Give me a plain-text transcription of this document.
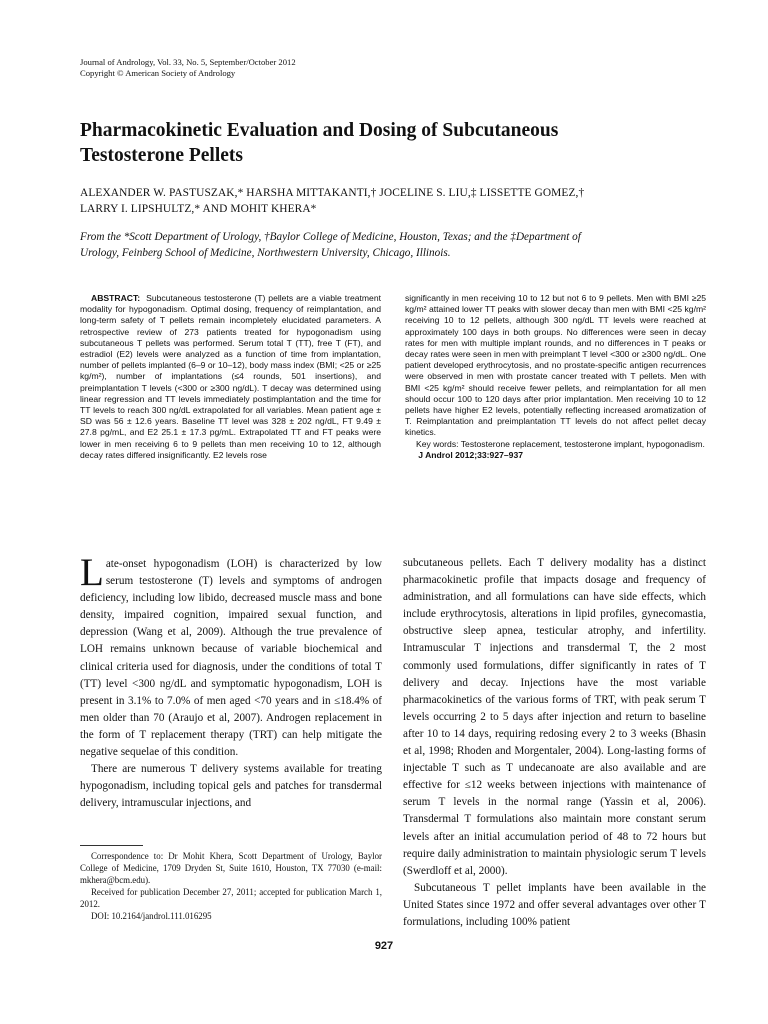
Journal of Andrology, Vol. 33, No. 5, September/October 2012
Copyright © American Society of Andrology
Pharmacokinetic Evaluation and Dosing of Subcutaneous
Testosterone Pellets
ALEXANDER W. PASTUSZAK,* HARSHA MITTAKANTI,† JOCELINE S. LIU,‡ LISSETTE GOMEZ,†
LARRY I. LIPSHULTZ,* AND MOHIT KHERA*
From the *Scott Department of Urology, †Baylor College of Medicine, Houston, Texas; and the ‡Department of
Urology, Feinberg School of Medicine, Northwestern University, Chicago, Illinois.

ABSTRACT: Subcutaneous testosterone (T) pellets are a viable treatment modality for hypogonadism. Optimal dosing, frequency of reimplantation, and long-term safety of T pellets remain incompletely elucidated parameters. A retrospective review of 273 patients treated for hypogonadism using subcutaneous T pellets was performed. Serum total T (TT), free T (FT), and estradiol (E2) levels were analyzed as a function of time from implantation, number of pellets implanted (6–9 or 10–12), body mass index (BMI; <25 or ≥25 kg/m²), number of implantations (≤4 rounds, 501 insertions), and preimplantation T levels (<300 or ≥300 ng/dL). T decay was determined using linear regression and TT levels immediately postimplantation and the time for TT levels to reach 300 ng/dL extrapolated for all variables. Mean patient age ± SD was 56 ± 12.6 years. Baseline TT level was 328 ± 202 ng/dL, FT 9.49 ± 27.8 pg/mL, and E2 25.1 ± 17.3 pg/mL. Extrapolated TT and FT peaks were lower in men receiving 6 to 9 pellets than men receiving 10 to 12, although decay rates differed insignificantly. E2 levels rose

significantly in men receiving 10 to 12 but not 6 to 9 pellets. Men with BMI ≥25 kg/m² attained lower TT peaks with slower decay than men with BMI <25 kg/m² receiving 10 to 12 pellets, although 300 ng/dL TT levels were reached at approximately 100 days in both groups. No differences were seen in decay rates for men with multiple implant rounds, and no differences in T peaks or decay rates were seen in men with preimplant T level <300 or ≥300 ng/dL. One patient developed erythrocytosis, and no prostate-specific antigen recurrences were observed in men with prostate cancer treated with T pellets. Men with BMI <25 kg/m² should receive fewer pellets, and reimplantation for all men should occur 100 to 120 days after prior implantation. Men receiving 10 to 12 pellets have higher E2 levels, potentially reflecting increased aromatization of T. Reimplantation and preimplantation TT levels do not affect pellet decay kinetics.

Key words: Testosterone replacement, testosterone implant, hypogonadism.

J Androl 2012;33:927–937

Late-onset hypogonadism (LOH) is characterized by low serum testosterone (T) levels and symptoms of androgen deficiency, including low libido, decreased muscle mass and bone density, impaired cognition, impaired sexual function, and depression (Wang et al, 2009). Although the true prevalence of LOH remains unknown because of variable biochemical and clinical criteria used for diagnosis, under the conditions of total T (TT) level <300 ng/dL and symptomatic hypogonadism, LOH is present in 3.1% to 7.0% of men aged <70 years and in ≤18.4% of men older than 70 (Araujo et al, 2007). Androgen replacement in the form of T replacement therapy (TRT) can help mitigate the negative sequelae of this condition.

There are numerous T delivery systems available for treating hypogonadism, including topical gels and patches for transdermal delivery, intramuscular injections, and

Correspondence to: Dr Mohit Khera, Scott Department of Urology, Baylor College of Medicine, 1709 Dryden St, Suite 1610, Houston, TX 77030 (e-mail: mkhera@bcm.edu).

Received for publication December 27, 2011; accepted for publication March 1, 2012.

DOI: 10.2164/jandrol.111.016295

subcutaneous pellets. Each T delivery modality has a distinct pharmacokinetic profile that impacts dosage and frequency of administration, and all formulations can have side effects, which include erythrocytosis, alterations in lipid profiles, gynecomastia, obstructive sleep apnea, testicular atrophy, and infertility. Intramuscular T injections and transdermal T, the 2 most commonly used formulations, differ significantly in rates of T delivery and decay. Injections have the most variable pharmacokinetics of the various forms of TRT, with peak serum T levels occurring 2 to 5 days after injection and return to baseline after 10 to 14 days, requiring redosing every 2 to 3 weeks (Bhasin et al, 1998; Rhoden and Morgentaler, 2004). Long-lasting forms of injectable T such as T undecanoate are also available and are effective for ≤12 weeks between injections with maintenance of serum T levels in the normal range (Yassin et al, 2006). Transdermal T formulations also maintain more constant serum levels after an initial accumulation period of 48 to 72 hours but require daily administration to maintain physiologic serum T levels (Swerdloff et al, 2000).

Subcutaneous T pellet implants have been available in the United States since 1972 and offer several advantages over other T formulations, including 100% patient

927
